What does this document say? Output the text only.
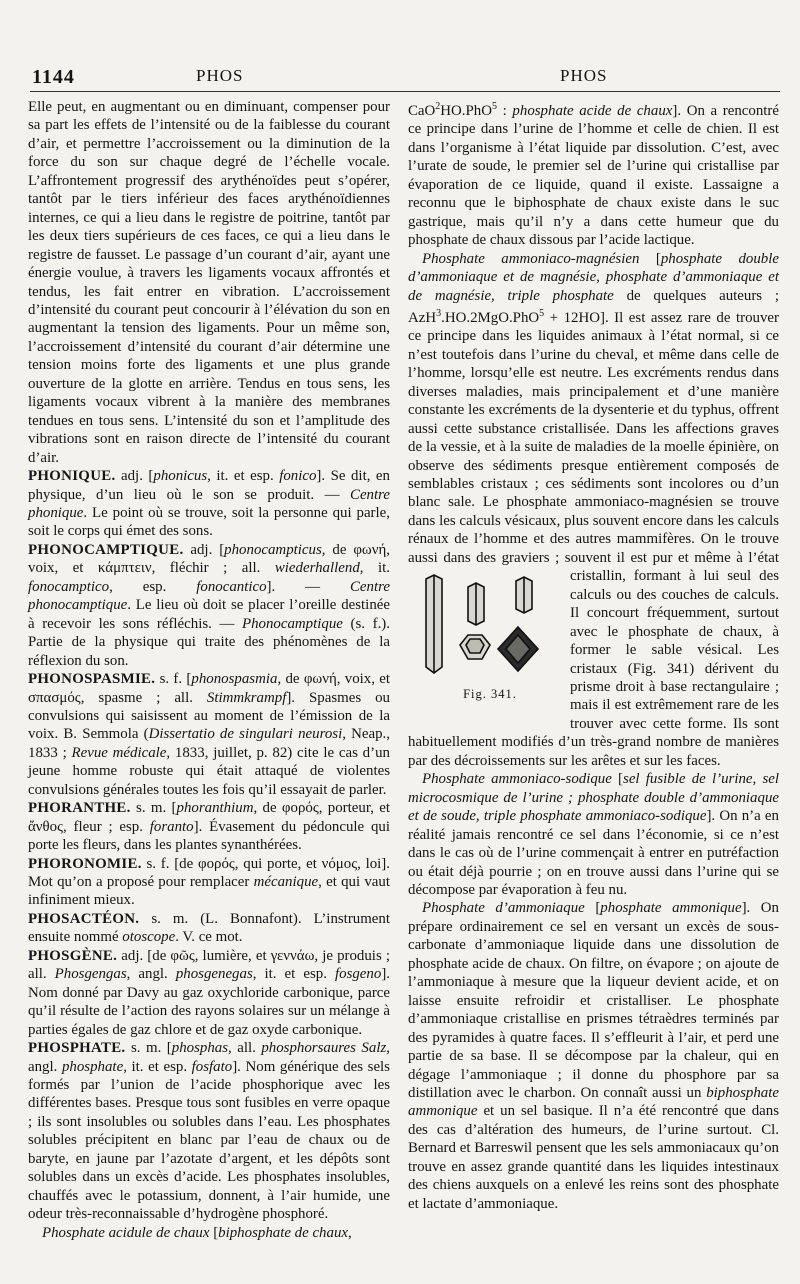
1144	PHOS	PHOS

Elle peut, en augmentant ou en diminuant, compenser pour sa part les effets de l’intensité ou de la faiblesse du courant d’air, et permettre l’accroissement ou la diminution de la force du son sur chaque degré de l’échelle vocale. L’affrontement progressif des arythénoïdes peut s’opérer, tantôt par le tiers inférieur des faces arythénoïdiennes internes, ce qui a lieu dans le registre de poitrine, tantôt par les deux tiers supérieurs de ces faces, ce qui a lieu dans le registre de fausset. Le passage d’un courant d’air, ayant une énergie voulue, à travers les ligaments vocaux affrontés et tendus, les fait entrer en vibration. L’accroissement d’intensité du courant peut concourir à l’élévation du son en augmentant la tension des ligaments. Pour un même son, l’accroissement d’intensité du courant d’air détermine une tension moins forte des ligaments et une plus grande ouverture de la glotte en arrière. Tendus en tous sens, les ligaments vocaux vibrent à la manière des membranes tendues en tous sens. L’intensité du son et l’amplitude des vibrations sont en raison directe de l’intensité du courant d’air.

PHONIQUE. adj. [phonicus, it. et esp. fonico]. Se dit, en physique, d’un lieu où le son se produit. — Centre phonique. Le point où se trouve, soit la personne qui parle, soit le corps qui émet des sons.

PHONOCAMPTIQUE. adj. [phonocampticus, de φωνή, voix, et κάμπτειν, fléchir ; all. wiederhallend, it. fonocamptico, esp. fonocantico]. — Centre phonocamptique. Le lieu où doit se placer l’oreille destinée à recevoir les sons réfléchis. — Phonocamptique (s. f.). Partie de la physique qui traite des phénomènes de la réflexion du son.

PHONOSPASMIE. s. f. [phonospasmia, de φωνή, voix, et σπασμός, spasme ; all. Stimmkrampf]. Spasmes ou convulsions qui saisissent au moment de l’émission de la voix. B. Semmola (Dissertatio de singulari neurosi, Neap., 1833 ; Revue médicale, 1833, juillet, p. 82) cite le cas d’un jeune homme robuste qui était attaqué de violentes convulsions générales toutes les fois qu’il essayait de parler.

PHORANTHE. s. m. [phoranthium, de φορός, porteur, et ἄνθος, fleur ; esp. foranto]. Évasement du pédoncule qui porte les fleurs, dans les plantes synanthérées.

PHORONOMIE. s. f. [de φορός, qui porte, et νόμος, loi]. Mot qu’on a proposé pour remplacer mécanique, et qui vaut infiniment mieux.

PHOSACTÉON. s. m. (L. Bonnafont). L’instrument ensuite nommé otoscope. V. ce mot.

PHOSGÈNE. adj. [de φῶς, lumière, et γεννάω, je produis ; all. Phosgengas, angl. phosgenegas, it. et esp. fosgeno]. Nom donné par Davy au gaz oxychloride carbonique, parce qu’il résulte de l’action des rayons solaires sur un mélange à parties égales de gaz chlore et de gaz oxyde carbonique.

PHOSPHATE. s. m. [phosphas, all. phosphorsaures Salz, angl. phosphate, it. et esp. fosfato]. Nom générique des sels formés par l’union de l’acide phosphorique avec les différentes bases. Presque tous sont fusibles en verre opaque ; ils sont insolubles ou solubles dans l’eau. Les phosphates solubles précipitent en blanc par l’eau de chaux ou de baryte, en jaune par l’azotate d’argent, et les dépôts sont solubles dans un excès d’acide. Les phosphates insolubles, chauffés avec le potassium, donnent, à l’air humide, une odeur très-reconnaissable d’hydrogène phosphoré.

Phosphate acidule de chaux [biphosphate de chaux,

CaO$^2$HO.PhO$^5$ : phosphate acide de chaux]. On a rencontré ce principe dans l’urine de l’homme et celle de chien. Il est dans l’organisme à l’état liquide par dissolution. C’est, avec l’urate de soude, le premier sel de l’urine qui cristallise par évaporation de ce liquide, quand il existe. Lassaigne a reconnu que le biphosphate de chaux existe dans le suc gastrique, mais qu’il n’y a dans cette humeur que du phosphate de chaux dissous par l’acide lactique.

Phosphate ammoniaco-magnésien [phosphate double d’ammoniaque et de magnésie, phosphate d’ammoniaque et de magnésie, triple phosphate de quelques auteurs ; AzH$^3$.HO.2MgO.PhO$^5$ + 12HO]. Il est assez rare de trouver ce principe dans les liquides animaux à l’état normal, si ce n’est toutefois dans l’urine du cheval, et même dans celle de l’homme, lorsqu’elle est neutre. Les excréments rendus dans diverses maladies, mais principalement et d’une manière constante les excréments de la dysenterie et du typhus, offrent aussi cette substance cristallisée. Dans les affections graves de la vessie, et à la suite de maladies de la moelle épinière, on observe des sédiments presque entièrement composés de semblables cristaux ; ces sédiments sont incolores ou d’un blanc sale. Le phosphate ammoniaco-magnésien se trouve dans les calculs vésicaux, plus souvent encore dans les calculs rénaux de l’homme et des autres mammifères. On le trouve aussi dans des graviers ; souvent il est pur et même à l’état cristallin, formant à lui
Fig. 341.
seul des calculs ou des couches de calculs. Il concourt fréquemment, surtout avec le phosphate de chaux, à former le sable vésical. Les cristaux (Fig. 341) dérivent du prisme droit à base rectangulaire ; mais il est extrêmement rare de les trouver avec cette forme. Ils sont habituellement modifiés d’un très-grand nombre de manières par des décroissements sur les arêtes et sur les faces.

Phosphate ammoniaco-sodique [sel fusible de l’urine, sel microcosmique de l’urine ; phosphate double d’ammoniaque et de soude, triple phosphate ammoniaco-sodique]. On n’a en réalité jamais rencontré ce sel dans l’économie, si ce n’est dans le cas où de l’urine commençait à entrer en putréfaction ou était déjà pourrie ; on en trouve aussi dans l’urine qui se décompose par évaporation à feu nu.

Phosphate d’ammoniaque [phosphate ammonique]. On prépare ordinairement ce sel en versant un excès de sous-carbonate d’ammoniaque liquide dans une dissolution de phosphate acide de chaux. On filtre, on évapore ; on ajoute de l’ammoniaque à mesure que la liqueur devient acide, et on laisse ensuite refroidir et cristalliser. Le phosphate d’ammoniaque cristallise en prismes tétraèdres terminés par des pyramides à quatre faces. Il s’effleurit à l’air, et perd une partie de sa base. Il se décompose par la chaleur, qui en dégage l’ammoniaque ; il donne du phosphore par sa distillation avec le charbon. On connaît aussi un biphosphate ammonique et un sel basique. Il n’a été rencontré que dans des cas d’altération des humeurs, de l’urine surtout. Cl. Bernard et Barreswil pensent que les sels ammoniacaux qu’on trouve en assez grande quantité dans les liquides intestinaux des chiens auxquels on a enlevé les reins sont des phosphate et lactate d’ammoniaque.
